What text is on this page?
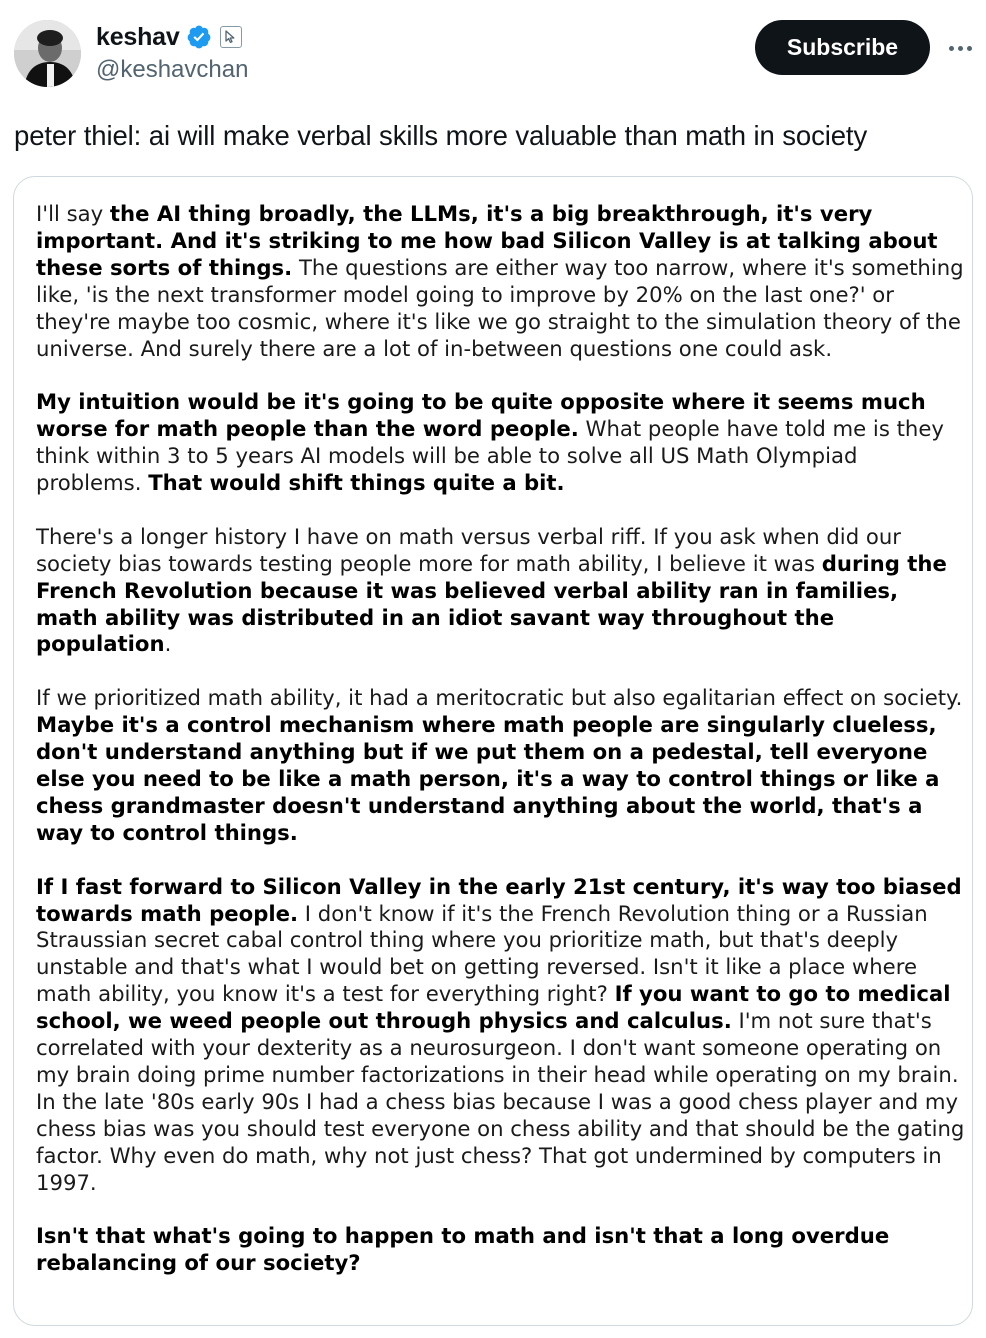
keshav
@keshavchan
Subscribe
peter thiel: ai will make verbal skills more valuable than math in society

I'll say the AI thing broadly, the LLMs, it's a big breakthrough, it's very important. And it's striking to me how bad Silicon Valley is at talking about these sorts of things. The questions are either way too narrow, where it's something like, 'is the next transformer model going to improve by 20% on the last one?' or they're maybe too cosmic, where it's like we go straight to the simulation theory of the universe. And surely there are a lot of in-between questions one could ask.

My intuition would be it's going to be quite opposite where it seems much worse for math people than the word people. What people have told me is they think within 3 to 5 years AI models will be able to solve all US Math Olympiad problems. That would shift things quite a bit.

There's a longer history I have on math versus verbal riff. If you ask when did our society bias towards testing people more for math ability, I believe it was during the French Revolution because it was believed verbal ability ran in families, math ability was distributed in an idiot savant way throughout the population.

If we prioritized math ability, it had a meritocratic but also egalitarian effect on society. Maybe it's a control mechanism where math people are singularly clueless, don't understand anything but if we put them on a pedestal, tell everyone else you need to be like a math person, it's a way to control things or like a chess grandmaster doesn't understand anything about the world, that's a way to control things.

If I fast forward to Silicon Valley in the early 21st century, it's way too biased towards math people. I don't know if it's the French Revolution thing or a Russian Straussian secret cabal control thing where you prioritize math, but that's deeply unstable and that's what I would bet on getting reversed. Isn't it like a place where math ability, you know it's a test for everything right? If you want to go to medical school, we weed people out through physics and calculus. I'm not sure that's correlated with your dexterity as a neurosurgeon. I don't want someone operating on my brain doing prime number factorizations in their head while operating on my brain. In the late '80s early 90s I had a chess bias because I was a good chess player and my chess bias was you should test everyone on chess ability and that should be the gating factor. Why even do math, why not just chess? That got undermined by computers in 1997.

Isn't that what's going to happen to math and isn't that a long overdue rebalancing of our society?
